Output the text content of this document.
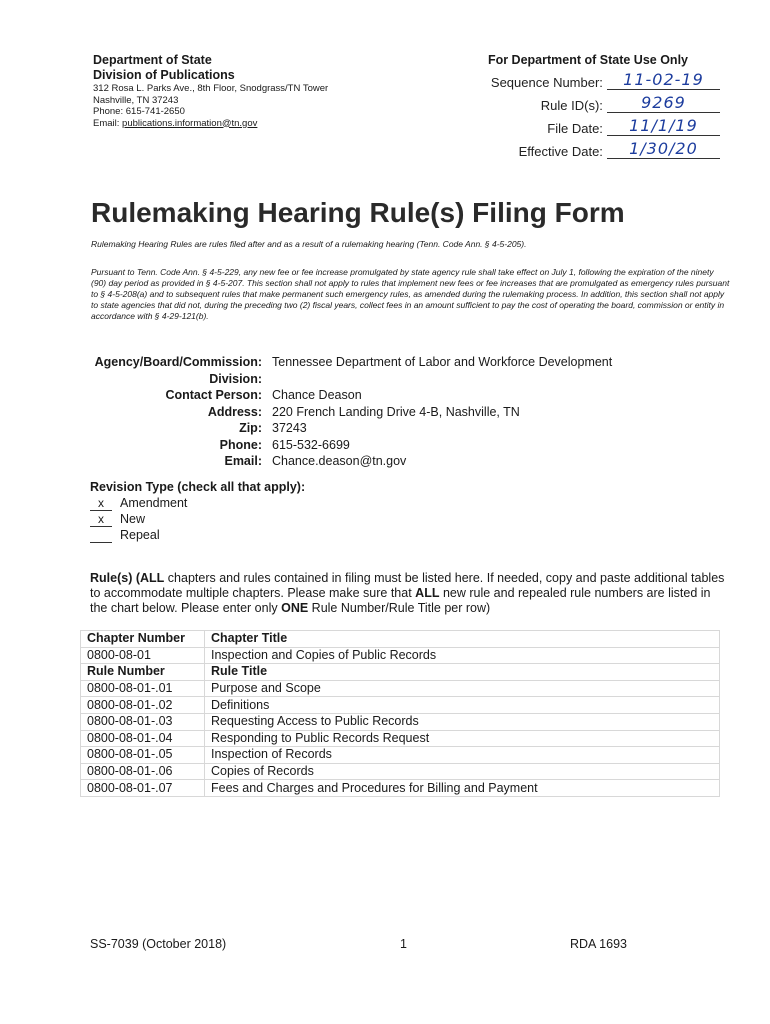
Department of State
Division of Publications
312 Rosa L. Parks Ave., 8th Floor, Snodgrass/TN Tower
Nashville, TN 37243
Phone: 615-741-2650
Email: publications.information@tn.gov
For Department of State Use Only
Sequence Number:	11-02-19
Rule ID(s):	9269
File Date:	11/1/19
Effective Date:	1/30/20
Rulemaking Hearing Rule(s) Filing Form
Rulemaking Hearing Rules are rules filed after and as a result of a rulemaking hearing (Tenn. Code Ann. § 4-5-205).
Pursuant to Tenn. Code Ann. § 4-5-229, any new fee or fee increase promulgated by state agency rule shall take effect on July 1, following the expiration of the ninety (90) day period as provided in § 4-5-207. This section shall not apply to rules that implement new fees or fee increases that are promulgated as emergency rules pursuant to § 4-5-208(a) and to subsequent rules that make permanent such emergency rules, as amended during the rulemaking process. In addition, this section shall not apply to state agencies that did not, during the preceding two (2) fiscal years, collect fees in an amount sufficient to pay the cost of operating the board, commission or entity in accordance with § 4-29-121(b).
Agency/Board/Commission: Tennessee Department of Labor and Workforce Development
Division:
Contact Person: Chance Deason
Address: 220 French Landing Drive 4-B, Nashville, TN
Zip: 37243
Phone: 615-532-6699
Email: Chance.deason@tn.gov
Revision Type (check all that apply):
x	Amendment
x	New
Repeal
Rule(s) (ALL chapters and rules contained in filing must be listed here. If needed, copy and paste additional tables to accommodate multiple chapters. Please make sure that ALL new rule and repealed rule numbers are listed in the chart below. Please enter only ONE Rule Number/Rule Title per row)
Chapter Number	Chapter Title
0800-08-01	Inspection and Copies of Public Records
Rule Number	Rule Title
0800-08-01-.01	Purpose and Scope
0800-08-01-.02	Definitions
0800-08-01-.03	Requesting Access to Public Records
0800-08-01-.04	Responding to Public Records Request
0800-08-01-.05	Inspection of Records
0800-08-01-.06	Copies of Records
0800-08-01-.07	Fees and Charges and Procedures for Billing and Payment
SS-7039 (October 2018)	1	RDA 1693
